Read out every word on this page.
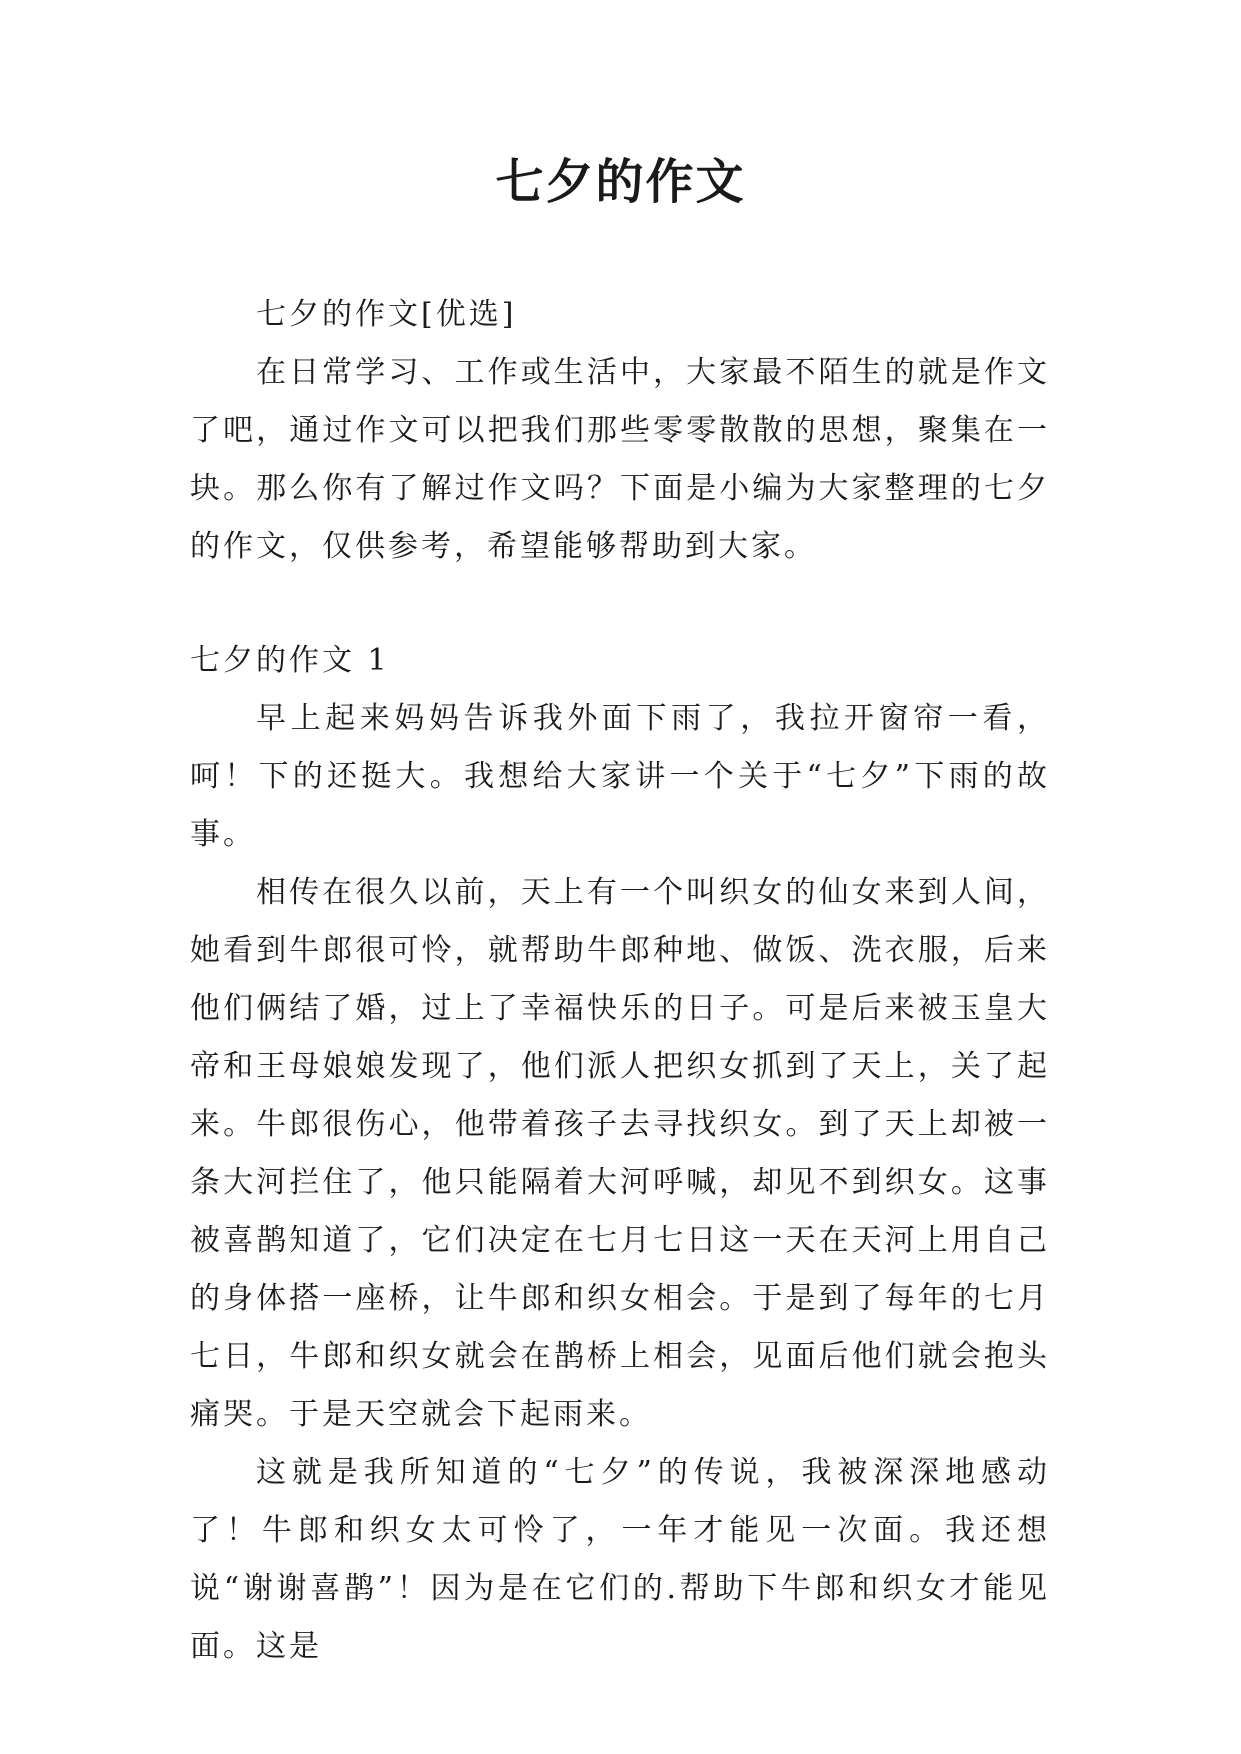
七夕的作文

七夕的作文[优选]

在日常学习、工作或生活中，大家最不陌生的就是作文了吧，通过作文可以把我们那些零零散散的思想，聚集在一块。那么你有了解过作文吗？下面是小编为大家整理的七夕的作文，仅供参考，希望能够帮助到大家。

七夕的作文 1

早上起来妈妈告诉我外面下雨了，我拉开窗帘一看，呵！下的还挺大。我想给大家讲一个关于“七夕”下雨的故事。

相传在很久以前，天上有一个叫织女的仙女来到人间，她看到牛郎很可怜，就帮助牛郎种地、做饭、洗衣服，后来他们俩结了婚，过上了幸福快乐的日子。可是后来被玉皇大帝和王母娘娘发现了，他们派人把织女抓到了天上，关了起来。牛郎很伤心，他带着孩子去寻找织女。到了天上却被一条大河拦住了，他只能隔着大河呼喊，却见不到织女。这事被喜鹊知道了，它们决定在七月七日这一天在天河上用自己的身体搭一座桥，让牛郎和织女相会。于是到了每年的七月七日，牛郎和织女就会在鹊桥上相会，见面后他们就会抱头痛哭。于是天空就会下起雨来。

这就是我所知道的“七夕”的传说，我被深深地感动了！牛郎和织女太可怜了，一年才能见一次面。我还想说“谢谢喜鹊”！因为是在它们的.帮助下牛郎和织女才能见面。这是
